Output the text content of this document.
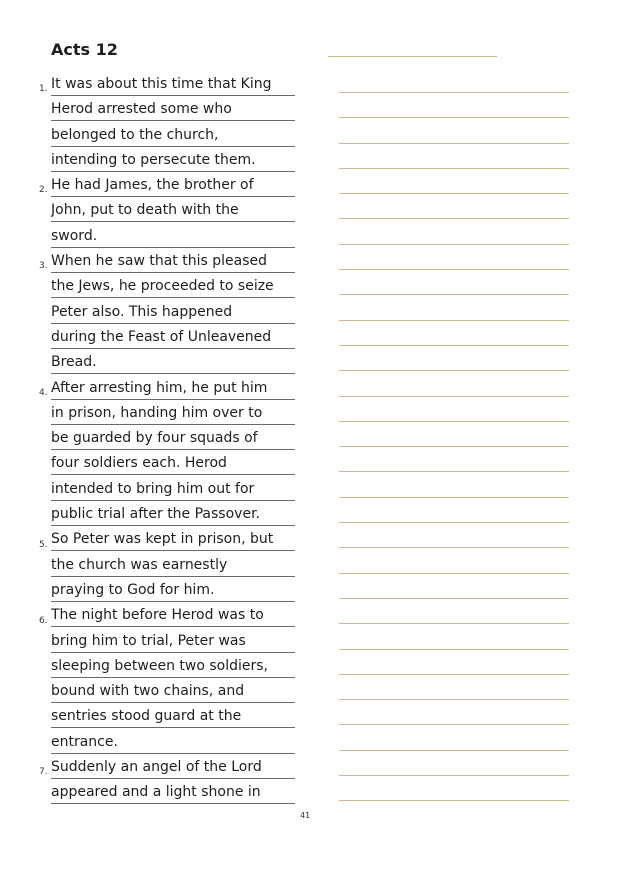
Acts 12
1. It was about this time that King
Herod arrested some who
belonged to the church,
intending to persecute them.
2. He had James, the brother of
John, put to death with the
sword.
3. When he saw that this pleased
the Jews, he proceeded to seize
Peter also. This happened
during the Feast of Unleavened
Bread.
4. After arresting him, he put him
in prison, handing him over to
be guarded by four squads of
four soldiers each. Herod
intended to bring him out for
public trial after the Passover.
5. So Peter was kept in prison, but
the church was earnestly
praying to God for him.
6. The night before Herod was to
bring him to trial, Peter was
sleeping between two soldiers,
bound with two chains, and
sentries stood guard at the
entrance.
7. Suddenly an angel of the Lord
appeared and a light shone in
41
